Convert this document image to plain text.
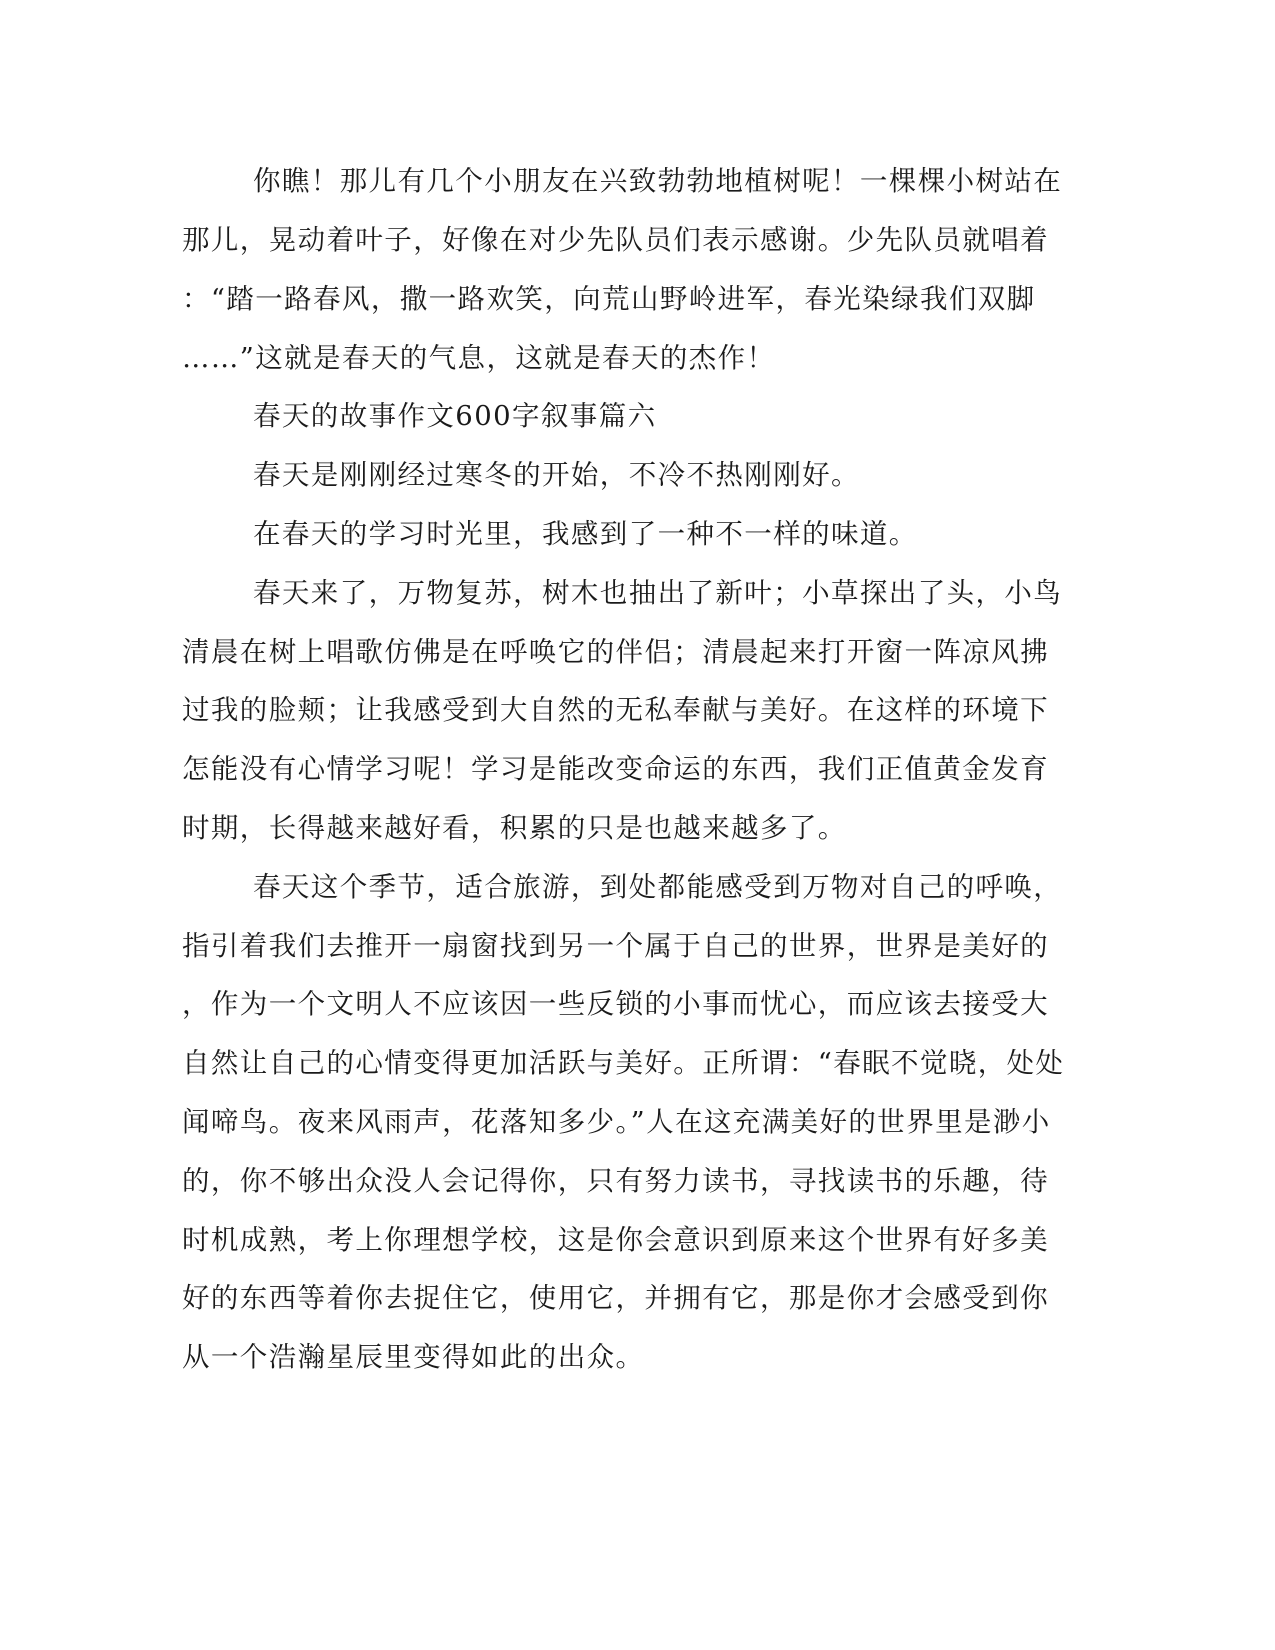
你瞧！那儿有几个小朋友在兴致勃勃地植树呢！一棵棵小树站在

那儿，晃动着叶子，好像在对少先队员们表示感谢。少先队员就唱着

：“踏一路春风，撒一路欢笑，向荒山野岭进军，春光染绿我们双脚

……”这就是春天的气息，这就是春天的杰作！

春天的故事作文600字叙事篇六

春天是刚刚经过寒冬的开始，不冷不热刚刚好。

在春天的学习时光里，我感到了一种不一样的味道。

春天来了，万物复苏，树木也抽出了新叶；小草探出了头，小鸟

清晨在树上唱歌仿佛是在呼唤它的伴侣；清晨起来打开窗一阵凉风拂

过我的脸颊；让我感受到大自然的无私奉献与美好。在这样的环境下

怎能没有心情学习呢！学习是能改变命运的东西，我们正值黄金发育

时期，长得越来越好看，积累的只是也越来越多了。

春天这个季节，适合旅游，到处都能感受到万物对自己的呼唤，

指引着我们去推开一扇窗找到另一个属于自己的世界，世界是美好的

，作为一个文明人不应该因一些反锁的小事而忧心，而应该去接受大

自然让自己的心情变得更加活跃与美好。正所谓：“春眠不觉晓，处处

闻啼鸟。夜来风雨声，花落知多少。”人在这充满美好的世界里是渺小

的，你不够出众没人会记得你，只有努力读书，寻找读书的乐趣，待

时机成熟，考上你理想学校，这是你会意识到原来这个世界有好多美

好的东西等着你去捉住它，使用它，并拥有它，那是你才会感受到你

从一个浩瀚星辰里变得如此的出众。
